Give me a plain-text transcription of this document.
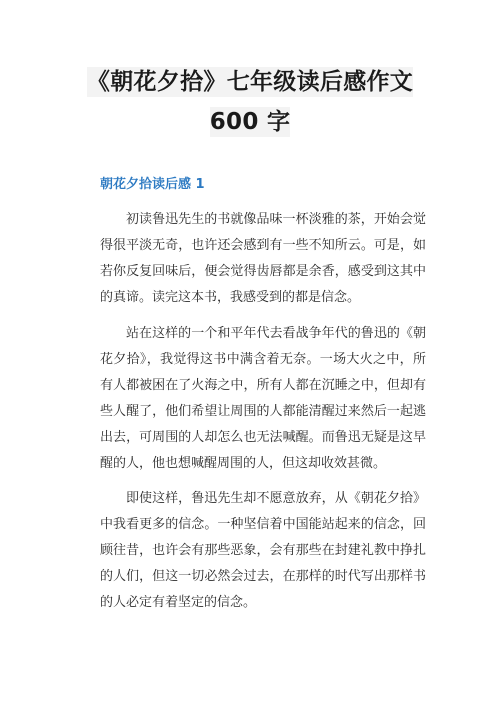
《朝花夕拾》七年级读后感作文 600 字
朝花夕拾读后感 1

初读鲁迅先生的书就像品味一杯淡雅的茶，开始会觉得很平淡无奇，也许还会感到有一些不知所云。可是，如若你反复回味后，便会觉得齿唇都是余香，感受到这其中的真谛。读完这本书，我感受到的都是信念。

站在这样的一个和平年代去看战争年代的鲁迅的《朝花夕拾》，我觉得这书中满含着无奈。一场大火之中，所有人都被困在了火海之中，所有人都在沉睡之中，但却有些人醒了，他们希望让周围的人都能清醒过来然后一起逃出去，可周围的人却怎么也无法喊醒。而鲁迅无疑是这早醒的人，他也想喊醒周围的人，但这却收效甚微。

即使这样，鲁迅先生却不愿意放弃，从《朝花夕拾》中我看更多的信念。一种坚信着中国能站起来的信念，回顾往昔，也许会有那些恶象，会有那些在封建礼教中挣扎的人们，但这一切必然会过去，在那样的时代写出那样书的人必定有着坚定的信念。
